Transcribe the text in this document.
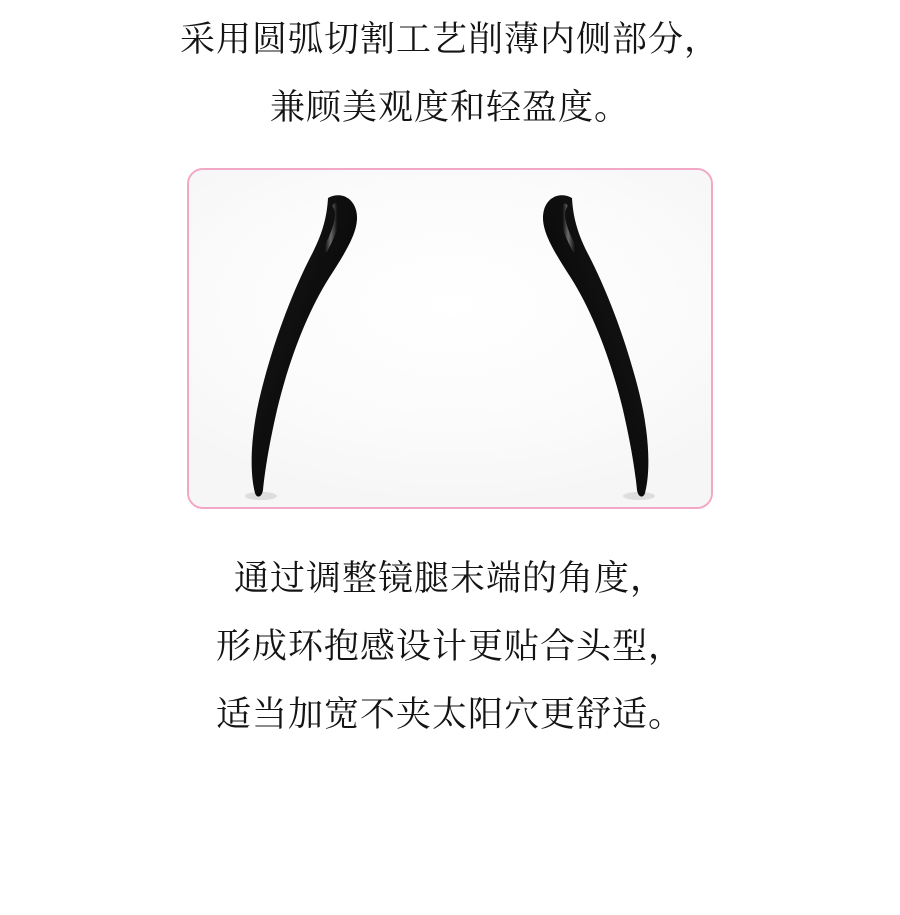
采用圆弧切割工艺削薄内侧部分，
兼顾美观度和轻盈度。
通过调整镜腿末端的角度，
形成环抱感设计更贴合头型，
适当加宽不夹太阳穴更舒适。
